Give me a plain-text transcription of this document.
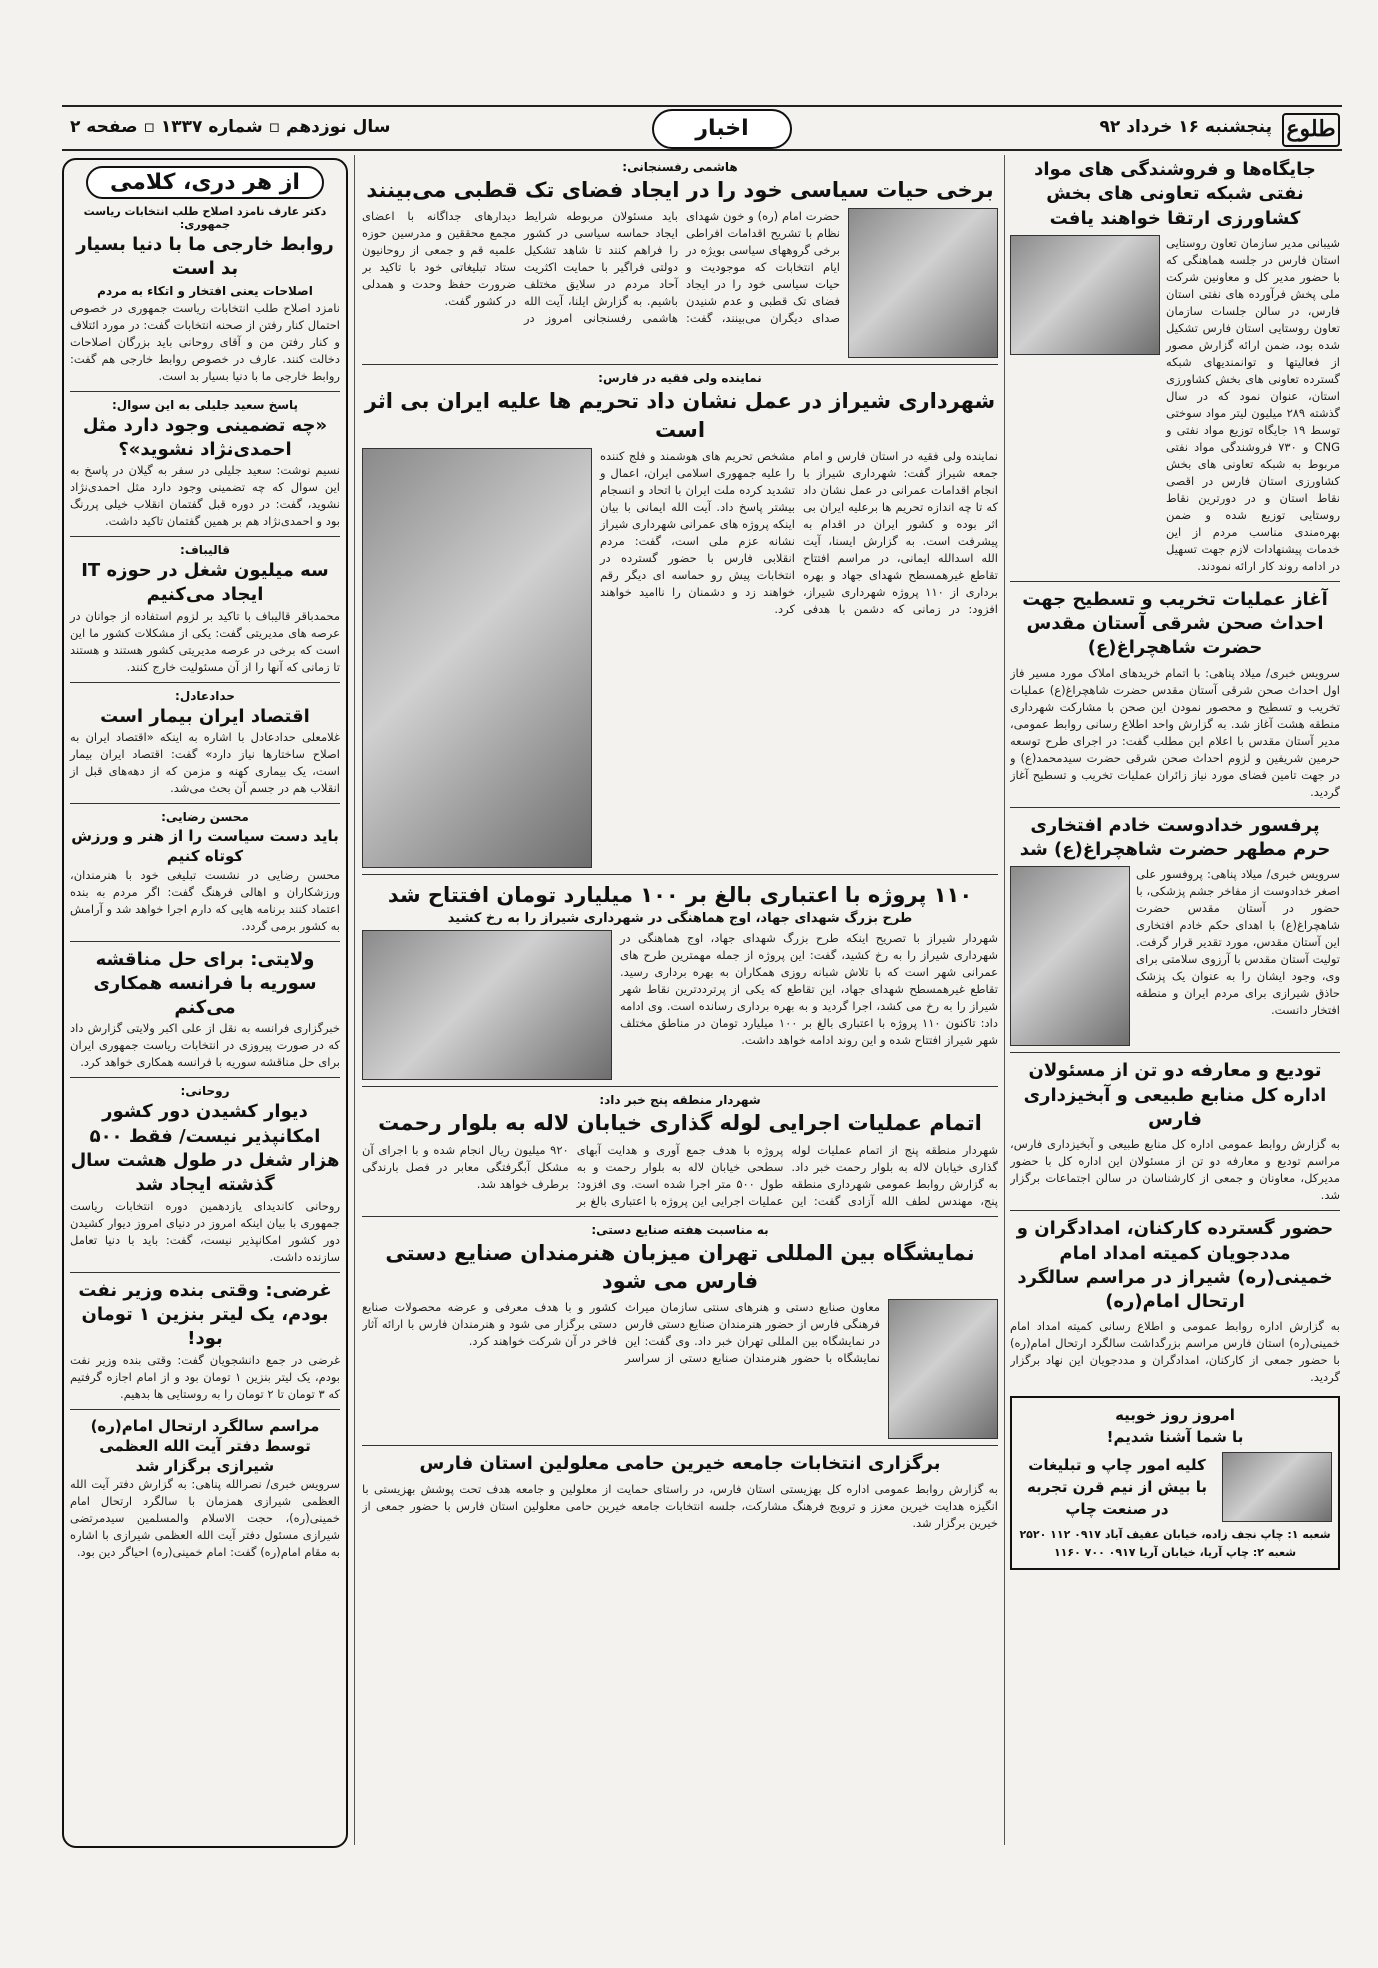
طلوع
پنجشنبه ۱۶ خرداد ۹۲
اخبار
سال نوزدهم ▫ شماره ۱۳۳۷ ▫ صفحه ۲
جایگاه‌ها و فروشندگی های مواد نفتی شبکه تعاونی های بخش کشاورزی ارتقا خواهند یافت
شیبانی مدیر سازمان تعاون روستایی استان فارس در جلسه هماهنگی که با حضور مدیر کل و معاونین شرکت ملی پخش فرآورده های نفتی استان فارس، در سالن جلسات سازمان تعاون روستایی استان فارس تشکیل شده بود، ضمن ارائه گزارش مصور از فعالیتها و توانمندیهای شبکه گسترده تعاونی های بخش کشاورزی استان، عنوان نمود که در سال گذشته ۲۸۹ میلیون لیتر مواد سوختی توسط ۱۹ جایگاه توزیع مواد نفتی و CNG و ۷۳۰ فروشندگی مواد نفتی مربوط به شبکه تعاونی های بخش کشاورزی استان فارس در اقصی نقاط استان و در دورترین نقاط روستایی توزیع شده و ضمن بهره‌مندی مناسب مردم از این خدمات پیشنهادات لازم جهت تسهیل در ادامه روند کار ارائه نمودند.
آغاز عملیات تخریب و تسطیح جهت احداث صحن شرقی آستان مقدس حضرت شاهچراغ(ع)
سرویس خبری/ میلاد پناهی: با اتمام خریدهای املاک مورد مسیر فاز اول احداث صحن شرقی آستان مقدس حضرت شاهچراغ(ع) عملیات تخریب و تسطیح و محصور نمودن این صحن با مشارکت شهرداری منطقه هشت آغاز شد. به گزارش واحد اطلاع رسانی روابط عمومی، مدیر آستان مقدس با اعلام این مطلب گفت: در اجرای طرح توسعه حرمین شریفین و لزوم احداث صحن شرقی حضرت سیدمحمد(ع) و در جهت تامین فضای مورد نیاز زائران عملیات تخریب و تسطیح آغاز گردید.
پرفسور خدادوست خادم افتخاری حرم مطهر حضرت شاهچراغ(ع) شد
سرویس خبری/ میلاد پناهی: پروفسور علی اصغر خدادوست از مفاخر جشم پزشکی، با حضور در آستان مقدس حضرت شاهچراغ(ع) با اهدای حکم خادم افتخاری این آستان مقدس، مورد تقدیر قرار گرفت. تولیت آستان مقدس با آرزوی سلامتی برای وی، وجود ایشان را به عنوان یک پزشک حاذق شیرازی برای مردم ایران و منطقه افتخار دانست.
تودیع و معارفه دو تن از مسئولان اداره کل منابع طبیعی و آبخیزداری فارس
به گزارش روابط عمومی اداره کل منابع طبیعی و آبخیزداری فارس، مراسم تودیع و معارفه دو تن از مسئولان این اداره کل با حضور مدیرکل، معاونان و جمعی از کارشناسان در سالن اجتماعات برگزار شد.
حضور گسترده کارکنان، امدادگران و مددجویان کمیته امداد امام خمینی(ره) شیراز در مراسم سالگرد ارتحال امام(ره)
به گزارش اداره روابط عمومی و اطلاع رسانی کمیته امداد امام خمینی(ره) استان فارس مراسم بزرگداشت سالگرد ارتحال امام(ره) با حضور جمعی از کارکنان، امدادگران و مددجویان این نهاد برگزار گردید.
امروز روز خوبیه
با شما آشنا شدیم!
کلیه امور چاپ و تبلیغات
با بیش از نیم قرن تجربه
در صنعت چاپ
شعبه ۱: چاپ نجف زاده، خیابان عفیف آباد ۰۹۱۷ ۱۱۲ ۲۵۲۰
شعبه ۲: چاپ آریا، خیابان آریا ۰۹۱۷ ۷۰۰ ۱۱۶۰
هاشمی رفسنجانی:
برخی حیات سیاسی خود را در ایجاد فضای تک قطبی می‌بینند
حضرت امام (ره) و خون شهدای نظام با تشریح اقدامات افراطی برخی گروههای سیاسی بویژه در ایام انتخابات که موجودیت و حیات سیاسی خود را در ایجاد فضای تک قطبی و عدم شنیدن صدای دیگران می‌بینند، گفت: باید مسئولان مربوطه شرایط ایجاد حماسه سیاسی در کشور را فراهم کنند تا شاهد تشکیل دولتی فراگیر با حمایت اکثریت آحاد مردم در سلایق مختلف باشیم. به گزارش ایلنا، آیت الله هاشمی رفسنجانی امروز در دیدارهای جداگانه با اعضای مجمع محققین و مدرسین حوزه علمیه قم و جمعی از روحانیون ستاد تبلیغاتی خود با تاکید بر ضرورت حفظ وحدت و همدلی در کشور گفت.
نماینده ولی فقیه در فارس:
شهرداری شیراز در عمل نشان داد تحریم ها علیه ایران بی اثر است
نماینده ولی فقیه در استان فارس و امام جمعه شیراز گفت: شهرداری شیراز با انجام اقدامات عمرانی در عمل نشان داد که تا چه اندازه تحریم ها برعلیه ایران بی اثر بوده و کشور ایران در اقدام به پیشرفت است. به گزارش ایسنا، آیت الله اسدالله ایمانی، در مراسم افتتاح تقاطع غیرهمسطح شهدای جهاد و بهره برداری از ۱۱۰ پروژه شهرداری شیراز، افزود: در زمانی که دشمن با هدفی مشخص تحریم های هوشمند و فلج کننده را علیه جمهوری اسلامی ایران، اعمال و تشدید کرده ملت ایران با اتحاد و انسجام بیشتر پاسخ داد. آیت الله ایمانی با بیان اینکه پروژه های عمرانی شهرداری شیراز نشانه عزم ملی است، گفت: مردم انقلابی فارس با حضور گسترده در انتخابات پیش رو حماسه ای دیگر رقم خواهند زد و دشمنان را ناامید خواهند کرد.
۱۱۰ پروژه با اعتباری بالغ بر ۱۰۰ میلیارد تومان افتتاح شد
طرح بزرگ شهدای جهاد، اوج هماهنگی در شهرداری شیراز را به رخ کشید
شهردار شیراز با تصریح اینکه طرح بزرگ شهدای جهاد، اوج هماهنگی در شهرداری شیراز را به رخ کشید، گفت: این پروژه از جمله مهمترین طرح های عمرانی شهر است که با تلاش شبانه روزی همکاران به بهره برداری رسید. تقاطع غیرهمسطح شهدای جهاد، این تقاطع که یکی از پرترددترین نقاط شهر شیراز را به رخ می کشد، اجرا گردید و به بهره برداری رسانده است. وی ادامه داد: تاکنون ۱۱۰ پروژه با اعتباری بالغ بر ۱۰۰ میلیارد تومان در مناطق مختلف شهر شیراز افتتاح شده و این روند ادامه خواهد داشت.
شهردار منطقه پنج خبر داد:
اتمام عملیات اجرایی لوله گذاری خیابان لاله به بلوار رحمت
شهردار منطقه پنج از اتمام عملیات لوله گذاری خیابان لاله به بلوار رحمت خبر داد. به گزارش روابط عمومی شهرداری منطقه پنج، مهندس لطف الله آزادی گفت: این پروژه با هدف جمع آوری و هدایت آبهای سطحی خیابان لاله به بلوار رحمت و به طول ۵۰۰ متر اجرا شده است. وی افزود: عملیات اجرایی این پروژه با اعتباری بالغ بر ۹۲۰ میلیون ریال انجام شده و با اجرای آن مشکل آبگرفتگی معابر در فصل بارندگی برطرف خواهد شد.
به مناسبت هفته صنایع دستی:
نمایشگاه بین المللی تهران میزبان هنرمندان صنایع دستی فارس می شود
معاون صنایع دستی و هنرهای سنتی سازمان میراث فرهنگی فارس از حضور هنرمندان صنایع دستی فارس در نمایشگاه بین المللی تهران خبر داد. وی گفت: این نمایشگاه با حضور هنرمندان صنایع دستی از سراسر کشور و با هدف معرفی و عرضه محصولات صنایع دستی برگزار می شود و هنرمندان فارس با ارائه آثار فاخر در آن شرکت خواهند کرد.
برگزاری انتخابات جامعه خیرین حامی معلولین استان فارس
به گزارش روابط عمومی اداره کل بهزیستی استان فارس، در راستای حمایت از معلولین و جامعه هدف تحت پوشش بهزیستی با انگیزه هدایت خیرین معزز و ترویج فرهنگ مشارکت، جلسه انتخابات جامعه خیرین حامی معلولین استان فارس با حضور جمعی از خیرین برگزار شد.
از هر دری، کلامی
دکتر عارف نامزد اصلاح طلب انتخابات ریاست جمهوری:
روابط خارجی ما با دنیا بسیار بد است
اصلاحات یعنی افتخار و اتکاء به مردم
نامزد اصلاح طلب انتخابات ریاست جمهوری در خصوص احتمال کنار رفتن از صحنه انتخابات گفت: در مورد ائتلاف و کنار رفتن من و آقای روحانی باید بزرگان اصلاحات دخالت کنند. عارف در خصوص روابط خارجی هم گفت: روابط خارجی ما با دنیا بسیار بد است.
پاسخ سعید جلیلی به این سوال:
«چه تضمینی وجود دارد مثل احمدی‌نژاد نشوید»؟
نسیم نوشت: سعید جلیلی در سفر به گیلان در پاسخ به این سوال که چه تضمینی وجود دارد مثل احمدی‌نژاد نشوید، گفت: در دوره قبل گفتمان انقلاب خیلی پررنگ بود و احمدی‌نژاد هم بر همین گفتمان تاکید داشت.
قالیباف:
سه میلیون شغل در حوزه IT ایجاد می‌کنیم
محمدباقر قالیباف با تاکید بر لزوم استفاده از جوانان در عرصه های مدیریتی گفت: یکی از مشکلات کشور ما این است که برخی در عرصه مدیریتی کشور هستند و هستند تا زمانی که آنها را از آن مسئولیت خارج کنند.
حدادعادل:
اقتصاد ایران بیمار است
غلامعلی حدادعادل با اشاره به اینکه «اقتصاد ایران به اصلاح ساختارها نیاز دارد» گفت: اقتصاد ایران بیمار است، یک بیماری کهنه و مزمن که از دهه‌های قبل از انقلاب هم در جسم آن بحث می‌شد.
محسن رضایی:
باید دست سیاست را از هنر و ورزش کوتاه کنیم
محسن رضایی در نشست تبلیغی خود با هنرمندان، ورزشکاران و اهالی فرهنگ گفت: اگر مردم به بنده اعتماد کنند برنامه هایی که دارم اجرا خواهد شد و آرامش به کشور برمی گردد.
ولایتی: برای حل مناقشه سوریه با فرانسه همکاری می‌کنم
خبرگزاری فرانسه به نقل از علی اکبر ولایتی گزارش داد که در صورت پیروزی در انتخابات ریاست جمهوری ایران برای حل مناقشه سوریه با فرانسه همکاری خواهد کرد.
روحانی:
دیوار کشیدن دور کشور امکانپذیر نیست/ فقط ۵۰۰ هزار شغل در طول هشت سال گذشته ایجاد شد
روحانی کاندیدای یازدهمین دوره انتخابات ریاست جمهوری با بیان اینکه امروز در دنیای امروز دیوار کشیدن دور کشور امکانپذیر نیست، گفت: باید با دنیا تعامل سازنده داشت.
غرضی: وقتی بنده وزیر نفت بودم، یک لیتر بنزین ۱ تومان بود!
غرضی در جمع دانشجویان گفت: وقتی بنده وزیر نفت بودم، یک لیتر بنزین ۱ تومان بود و از امام اجازه گرفتیم که ۳ تومان تا ۲ تومان را به روستایی ها بدهیم.
مراسم سالگرد ارتحال امام(ره) توسط دفتر آیت الله العظمی شیرازی برگزار شد
سرویس خبری/ نصرالله پناهی: به گزارش دفتر آیت الله العظمی شیرازی همزمان با سالگرد ارتحال امام خمینی(ره)، حجت الاسلام والمسلمین سیدمرتضی شیرازی مسئول دفتر آیت الله العظمی شیرازی با اشاره به مقام امام(ره) گفت: امام خمینی(ره) احیاگر دین بود.
